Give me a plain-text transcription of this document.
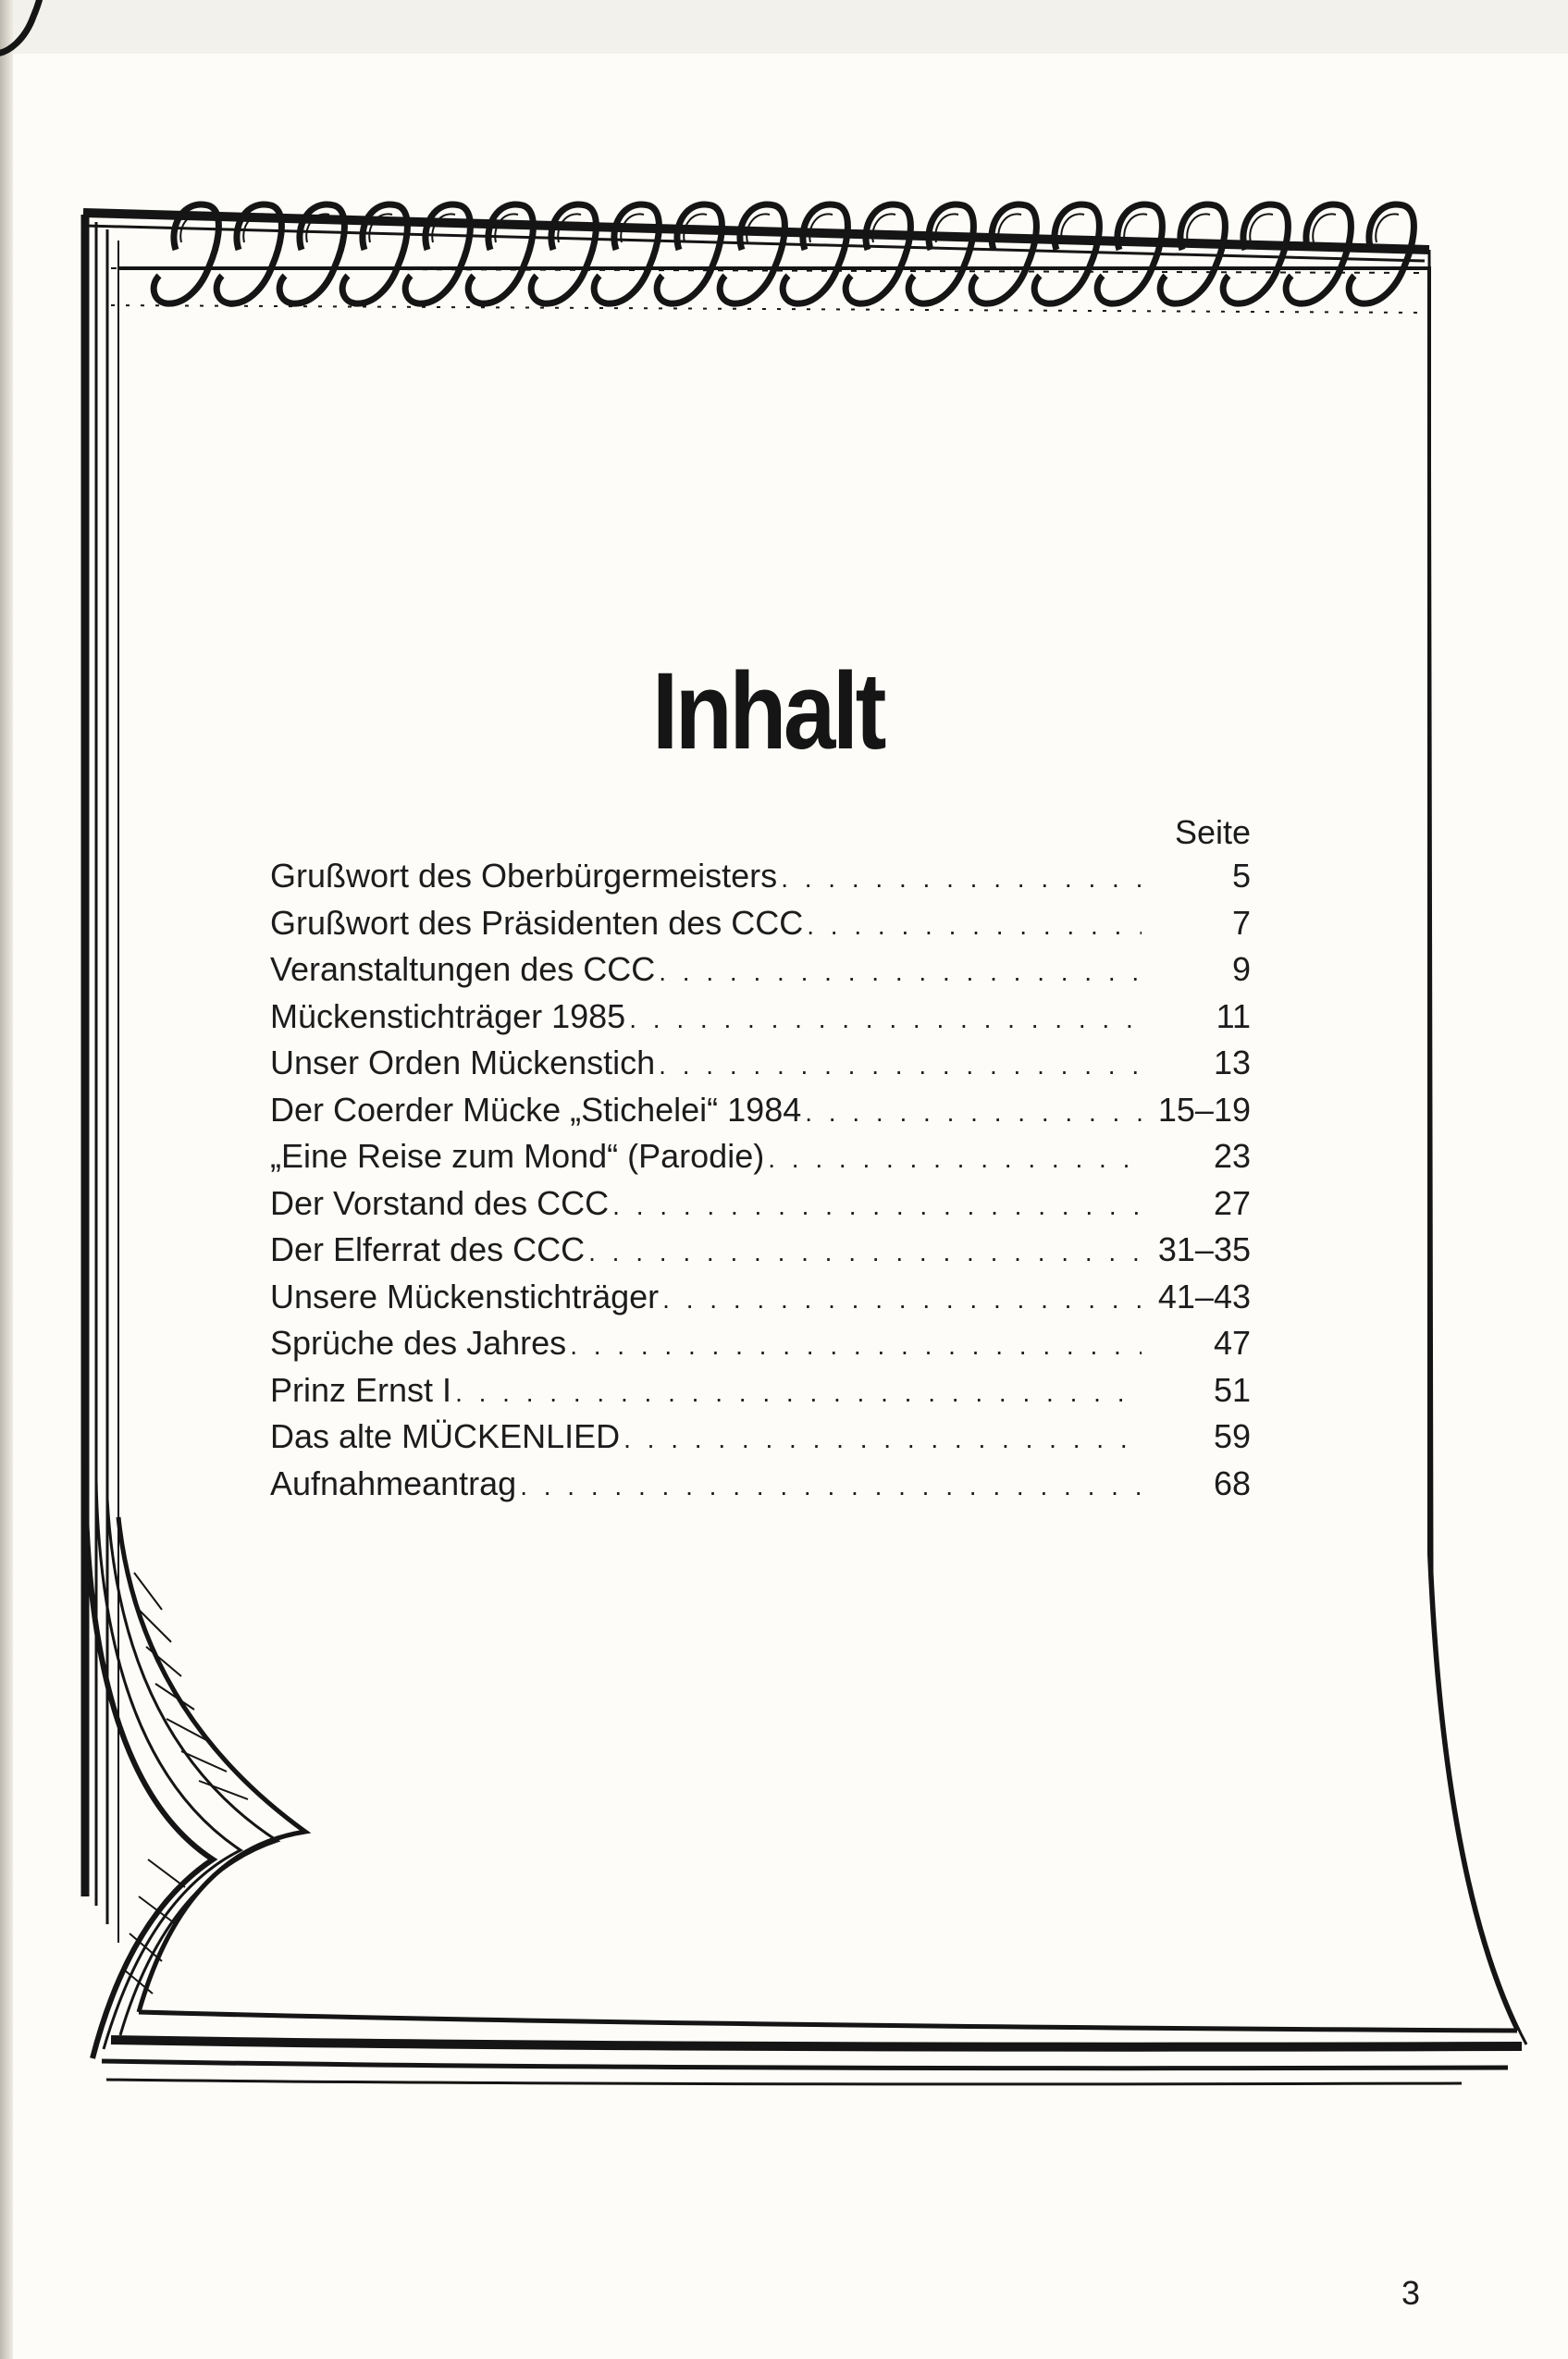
Inhalt
Seite
Grußwort des Oberbürgermeisters . . .	5
Grußwort des Präsidenten des CCC . . .	7
Veranstaltungen des CCC . . .	9
Mückenstichträger 1985 . . .	11
Unser Orden Mückenstich . . .	13
Der Coerder Mücke „Stichelei“ 1984 . . .	15–19
„Eine Reise zum Mond“ (Parodie) . . .	23
Der Vorstand des CCC . . .	27
Der Elferrat des CCC . . .	31–35
Unsere Mückenstichträger . . .	41–43
Sprüche des Jahres . . .	47
Prinz Ernst I . . .	51
Das alte MÜCKENLIED . . .	59
Aufnahmeantrag . . .	68
3
